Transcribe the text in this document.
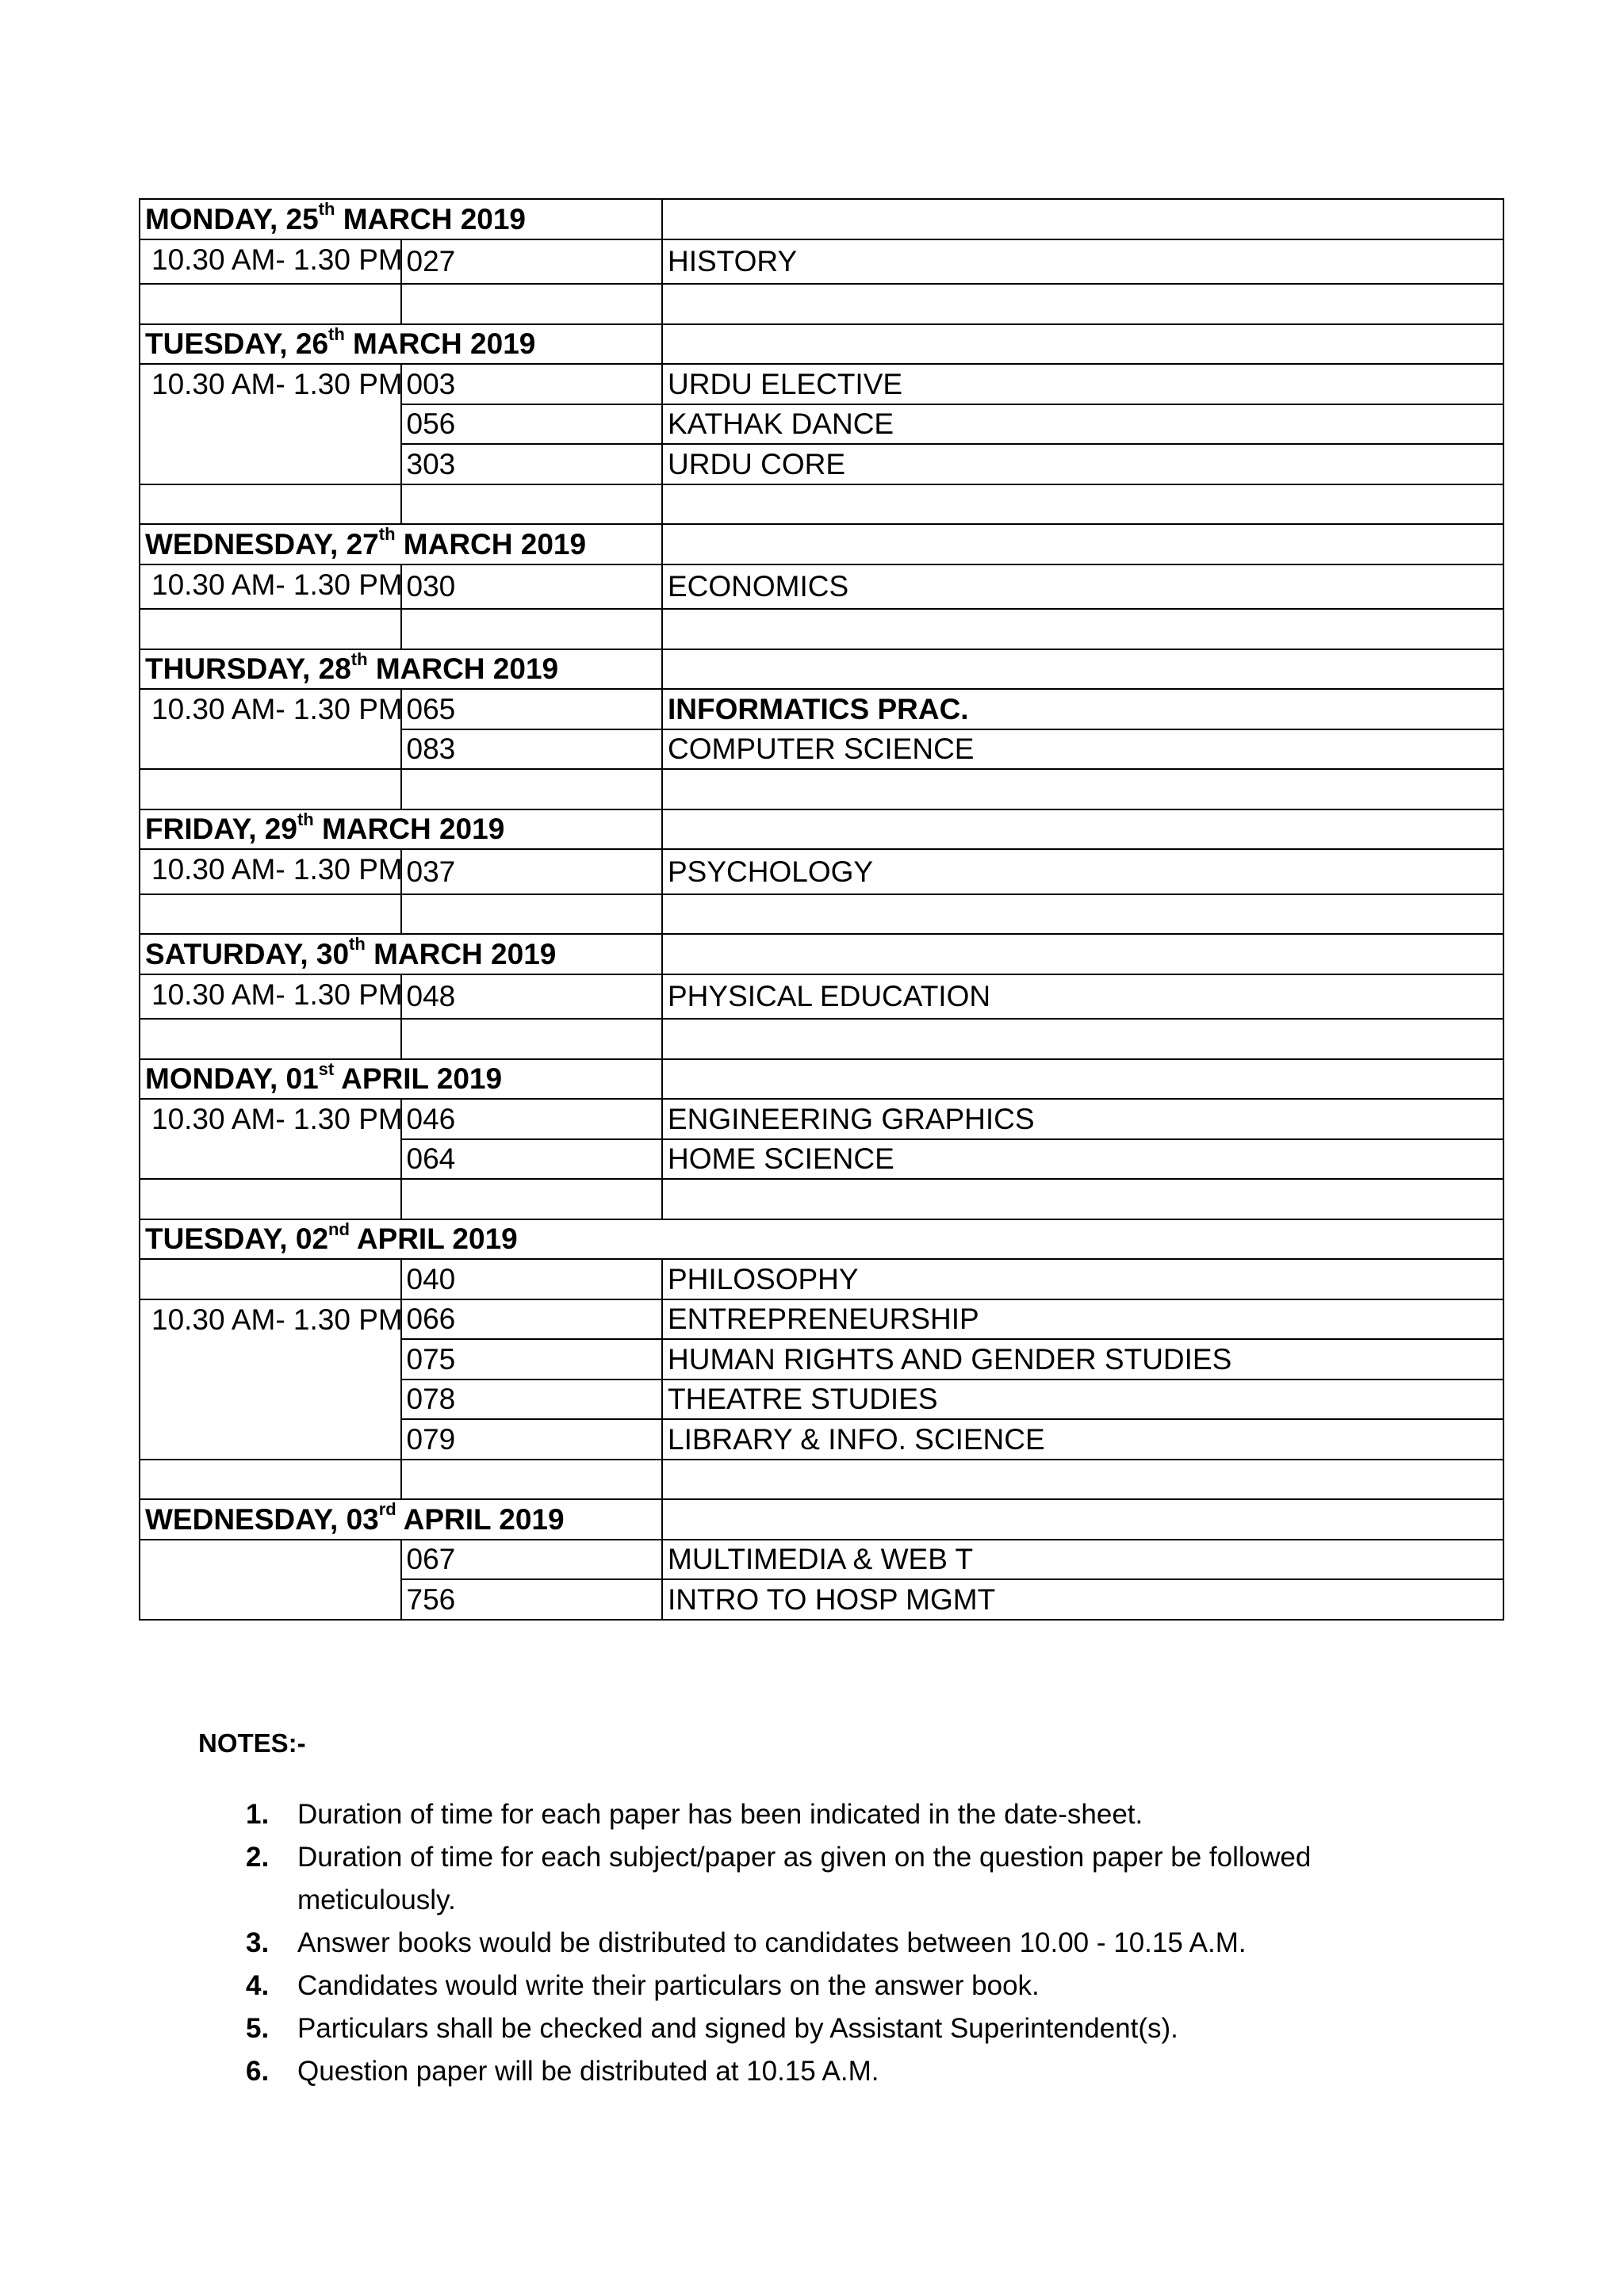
MONDAY, 25th MARCH 2019		
10.30 AM- 1.30 PM	027	HISTORY

TUESDAY, 26th MARCH 2019		
10.30 AM- 1.30 PM	003	URDU ELECTIVE
	056	KATHAK DANCE
	303	URDU CORE

WEDNESDAY, 27th MARCH 2019		
10.30 AM- 1.30 PM	030	ECONOMICS

THURSDAY, 28th MARCH 2019		
10.30 AM- 1.30 PM	065	INFORMATICS PRAC.
	083	COMPUTER SCIENCE

FRIDAY, 29th MARCH 2019		
10.30 AM- 1.30 PM	037	PSYCHOLOGY

SATURDAY, 30th MARCH 2019		
10.30 AM- 1.30 PM	048	PHYSICAL EDUCATION

MONDAY, 01st APRIL 2019		
10.30 AM- 1.30 PM	046	ENGINEERING GRAPHICS
	064	HOME SCIENCE

TUESDAY, 02nd APRIL 2019		
	040	PHILOSOPHY
10.30 AM- 1.30 PM	066	ENTREPRENEURSHIP
	075	HUMAN RIGHTS AND GENDER STUDIES
	078	THEATRE STUDIES
	079	LIBRARY & INFO. SCIENCE

WEDNESDAY, 03rd APRIL 2019		
	067	MULTIMEDIA & WEB T
	756	INTRO TO HOSP MGMT
NOTES:-
1. Duration of time for each paper has been indicated in the date-sheet.
2. Duration of time for each subject/paper as given on the question paper be followed meticulously.
3. Answer books would be distributed to candidates between 10.00 - 10.15 A.M.
4. Candidates would write their particulars on the answer book.
5. Particulars shall be checked and signed by Assistant Superintendent(s).
6. Question paper will be distributed at 10.15 A.M.
